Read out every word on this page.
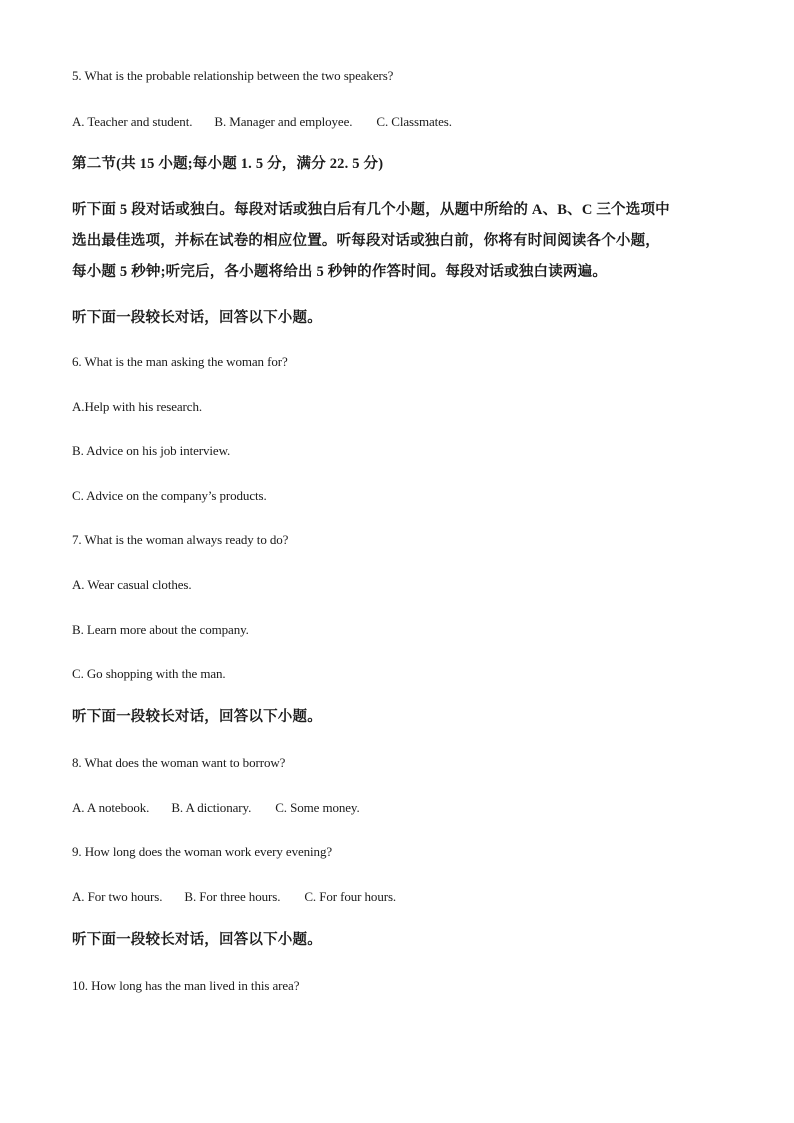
5. What is the probable relationship between the two speakers?
A. Teacher and student. B. Manager and employee. C. Classmates.
第二节(共 15 小题;每小题 1. 5 分，满分 22. 5 分)
听下面 5 段对话或独白。每段对话或独白后有几个小题，从题中所给的 A、B、C 三个选项中
选出最佳选项，并标在试卷的相应位置。听每段对话或独白前，你将有时间阅读各个小题，
每小题 5 秒钟;听完后，各小题将给出 5 秒钟的作答时间。每段对话或独白读两遍。
听下面一段较长对话，回答以下小题。
6. What is the man asking the woman for?
A.Help with his research.
B. Advice on his job interview.
C. Advice on the company’s products.
7. What is the woman always ready to do?
A. Wear casual clothes.
B. Learn more about the company.
C. Go shopping with the man.
听下面一段较长对话，回答以下小题。
8. What does the woman want to borrow?
A. A notebook. B. A dictionary. C. Some money.
9. How long does the woman work every evening?
A. For two hours. B. For three hours. C. For four hours.
听下面一段较长对话，回答以下小题。
10. How long has the man lived in this area?
